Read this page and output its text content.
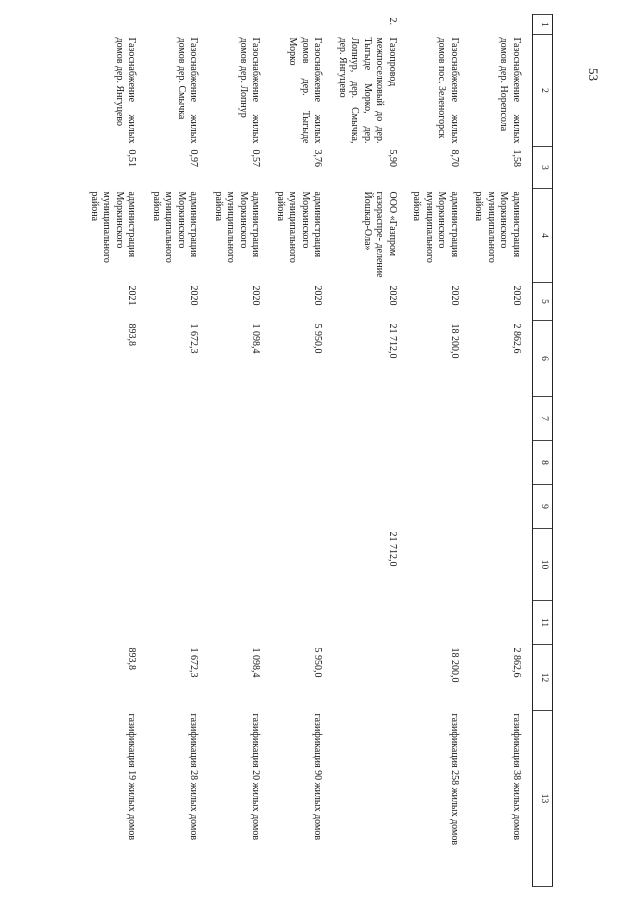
53
1	2	3	4	5	6	7	8	9	10	11	12	13

	Газоснабжение жилых домов дер. Норепсола	1,58	администрация Моркинского муниципального района	2020	2 862,6						2 862,6	газификация 38 жилых домов
	Газоснабжение жилых домов пос. Зеленогорск	8,70	администрация Моркинского муниципального района	2020	18 200,0						18 200,0	газификация 258 жилых домов
2.	Газопровод межпоселковый до дер. Тыгыде Морко, дер. Лопнур, дер. Смычка, дер. Янгуцево	5,90	ООО «Газпром газораспре- деление Йошкар-Ола»	2020	21 712,0				21 712,0			
	Газоснабжение жилых домов дер. Тыгыде Морко	3,76	администрация Моркинского муниципального района	2020	5 950,0						5 950,0	газификация 90 жилых домов
	Газоснабжение жилых домов дер. Лопнур	0,57	администрация Моркинского муниципального района	2020	1 098,4						1 098,4	газификация 20 жилых домов
	Газоснабжение жилых домов дер. Смычка	0,97	администрация Моркинского муниципального района	2020	1 672,3						1 672,3	газификация 28 жилых домов
	Газоснабжение жилых домов дер. Янгуцево	0,51	администрация Моркинского муниципального района	2021	893,8						893,8	газификация 19 жилых домов
